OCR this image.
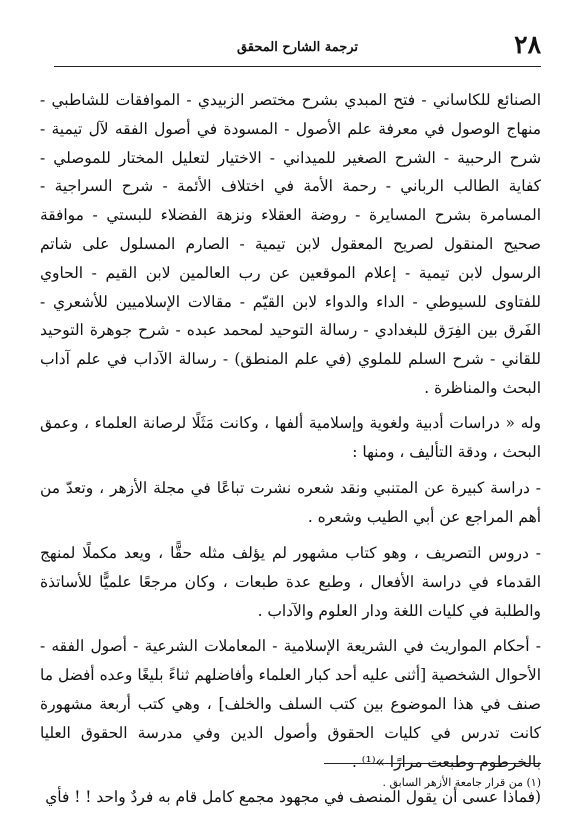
٢٨
ترجمة الشارح المحقق

الصنائع للكاساني - فتح المبدي بشرح مختصر الزبيدي - الموافقات للشاطبي - منهاج الوصول في معرفة علم الأصول - المسودة في أصول الفقه لآل تيمية - شرح الرحبية - الشرح الصغير للميداني - الاختيار لتعليل المختار للموصلي - كفاية الطالب الرباني - رحمة الأمة في اختلاف الأئمة - شرح السراجية - المسامرة بشرح المسايرة - روضة العقلاء ونزهة الفضلاء للبستي - موافقة صحيح المنقول لصريح المعقول لابن تيمية - الصارم المسلول على شاتم الرسول لابن تيمية - إعلام الموقعين عن رب العالمين لابن القيم - الحاوي للفتاوى للسيوطي - الداء والدواء لابن القيّم - مقالات الإسلاميين للأشعري - الفَرق بين الفِرَق للبغدادي - رسالة التوحيد لمحمد عبده - شرح جوهرة التوحيد للقاني - شرح السلم للملوي (في علم المنطق) - رسالة الآداب في علم آداب البحث والمناظرة .

وله « دراسات أدبية ولغوية وإسلامية ألفها ، وكانت مَثَلًا لرصانة العلماء ، وعمق البحث ، ودقة التأليف ، ومنها :

- دراسة كبيرة عن المتنبي ونقد شعره نشرت تباعًا في مجلة الأزهر ، وتعدّ من أهم المراجع عن أبي الطيب وشعره .

- دروس التصريف ، وهو كتاب مشهور لم يؤلف مثله حقًّا ، ويعد مكملًا لمنهج القدماء في دراسة الأفعال ، وطبع عدة طبعات ، وكان مرجعًا علميًّا للأساتذة والطلبة في كليات اللغة ودار العلوم والآداب .

- أحكام المواريث في الشريعة الإسلامية - المعاملات الشرعية - أصول الفقه - الأحوال الشخصية [أثنى عليه أحد كبار العلماء وأفاضلهم ثناءً بليغًا وعده أفضل ما صنف في هذا الموضوع بين كتب السلف والخلف] ، وهي كتب أربعة مشهورة كانت تدرس في كليات الحقوق وأصول الدين وفي مدرسة الحقوق العليا بالخرطوم وطبعت مرارًا »⁽¹⁾ .

(فماذا عسى أن يقول المنصف في مجهود مجمع كامل قام به فردٌ واحد ! ! فأي

(١) من قرار جامعة الأزهر السابق .
